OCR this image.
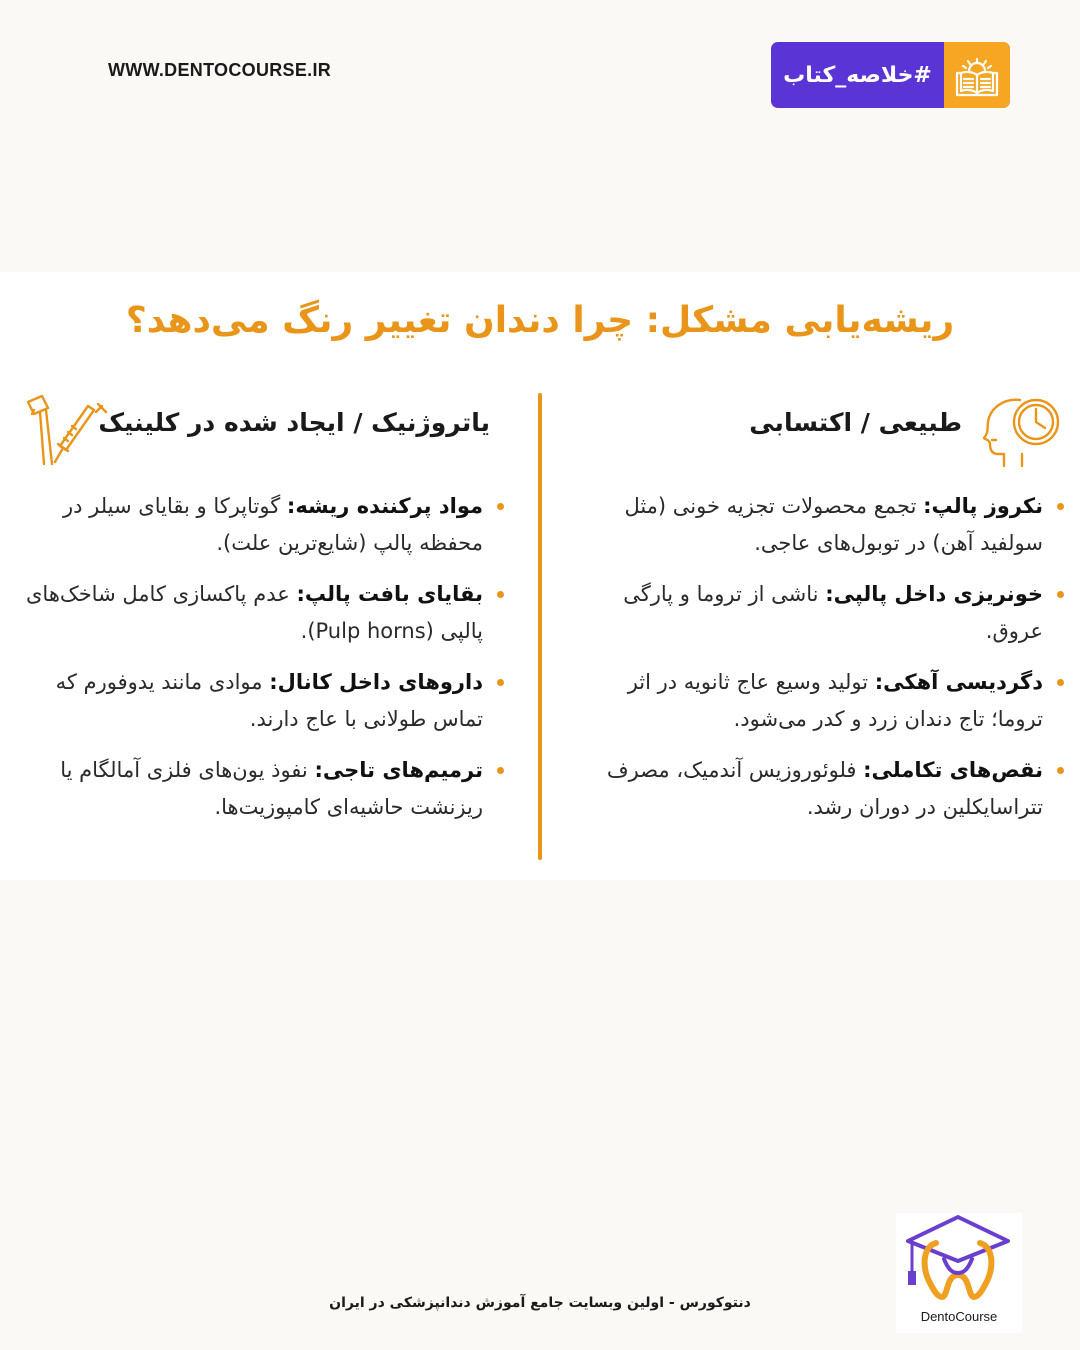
WWW.DENTOCOURSE.IR	#خلاصه_کتاب
ریشه‌یابی مشکل: چرا دندان تغییر رنگ می‌دهد؟
طبیعی / اکتسابی
یاتروژنیک / ایجاد شده در کلینیک
نکروز پالپ: تجمع محصولات تجزیه خونی (مثل سولفید آهن) در توبول‌های عاجی.
خونریزی داخل پالپی: ناشی از تروما و پارگی عروق.
دگردیسی آهکی: تولید وسیع عاج ثانویه در اثر تروما؛ تاج دندان زرد و کدر می‌شود.
نقص‌های تکاملی: فلوئوروزیس آندمیک، مصرف تتراسایکلین در دوران رشد.
مواد پرکننده ریشه: گوتاپرکا و بقایای سیلر در محفظه پالپ (شایع‌ترین علت).
بقایای بافت پالپ: عدم پاکسازی کامل شاخک‌های پالپی (Pulp horns).
داروهای داخل کانال: موادی مانند یدوفورم که تماس طولانی با عاج دارند.
ترمیم‌های تاجی: نفوذ یون‌های فلزی آمالگام یا ریزنشت حاشیه‌ای کامپوزیت‌ها.
دنتوکورس - اولین وبسایت جامع آموزش دندانپزشکی در ایران
DentoCourse
